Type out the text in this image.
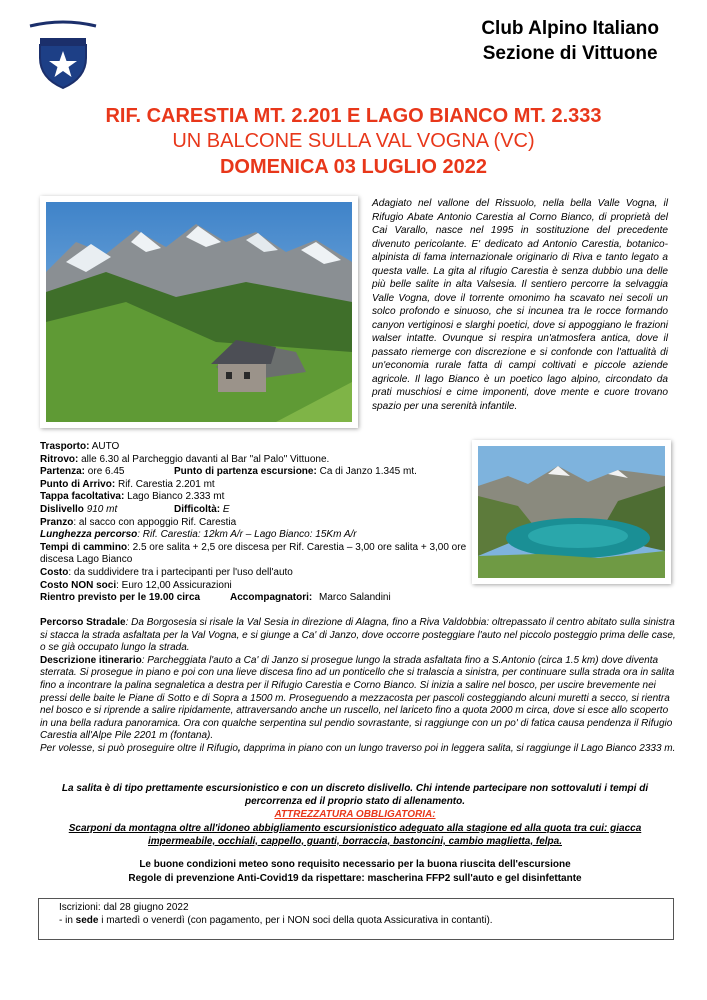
Club Alpino Italiano
Sezione di Vittuone
RIF. CARESTIA MT. 2.201 E LAGO BIANCO MT. 2.333
UN BALCONE SULLA VAL VOGNA (VC)
DOMENICA 03 LUGLIO 2022
Adagiato nel vallone del Rissuolo, nella bella Valle Vogna, il Rifugio Abate Antonio Carestia al Corno Bianco, di proprietà del Cai Varallo, nasce nel 1995 in sostituzione del precedente divenuto pericolante. E' dedicato ad Antonio Carestia, botanico-alpinista di fama internazionale originario di Riva e tanto legato a questa valle. La gita al rifugio Carestia è senza dubbio una delle più belle salite in alta Valsesia. Il sentiero percorre la selvaggia Valle Vogna, dove il torrente omonimo ha scavato nei secoli un solco profondo e sinuoso, che si incunea tra le rocce formando canyon vertiginosi e slarghi poetici, dove si appoggiano le frazioni walser intatte. Ovunque si respira un'atmosfera antica, dove il passato riemerge con discrezione e si confonde con l'attualità di un'economia rurale fatta di campi coltivati e piccole aziende agricole. Il lago Bianco è un poetico lago alpino, circondato da prati muschiosi e cime imponenti, dove mente e cuore trovano spazio per una serenità infantile.
Trasporto: AUTO
Ritrovo: alle 6.30 al Parcheggio davanti al Bar "al Palo" Vittuone.
Partenza: ore 6.45	Punto di partenza escursione: Ca di Janzo 1.345 mt.
Punto di Arrivo: Rif. Carestia 2.201 mt
Tappa facoltativa: Lago Bianco 2.333 mt
Dislivello 910 mt	Difficoltà: E
Pranzo: al sacco con appoggio Rif. Carestia
Lunghezza percorso: Rif. Carestia: 12km A/r – Lago Bianco: 15Km A/r
Tempi di cammino: 2.5 ore salita + 2,5 ore discesa per Rif. Carestia – 3,00 ore salita + 3,00 ore discesa Lago Bianco
Costo: da suddividere tra i partecipanti per l'uso dell'auto
Costo NON soci: Euro 12,00 Assicurazioni
Rientro previsto per le 19.00 circa	Accompagnatori: Marco Salandini

Percorso Stradale: Da Borgosesia si risale la Val Sesia in direzione di Alagna, fino a Riva Valdobbia: oltrepassato il centro abitato sulla sinistra si stacca la strada asfaltata per la Val Vogna, e si giunge a Ca' di Janzo, dove occorre posteggiare l'auto nel piccolo posteggio prima delle case, o se già occupato lungo la strada.

Descrizione itinerario: Parcheggiata l'auto a Ca' di Janzo si prosegue lungo la strada asfaltata fino a S.Antonio (circa 1.5 km) dove diventa sterrata. Si prosegue in piano e poi con una lieve discesa fino ad un ponticello che si tralascia a sinistra, per continuare sulla strada ora in salita fino a incontrare la palina segnaletica a destra per il Rifugio Carestia e Corno Bianco. Si inizia a salire nel bosco, per uscire brevemente nei pressi delle baite le Piane di Sotto e di Sopra a 1500 m. Proseguendo a mezzacosta per pascoli costeggiando alcuni muretti a secco, si rientra nel bosco e si riprende a salire ripidamente, attraversando anche un ruscello, nel lariceto fino a quota 2000 m circa, dove si esce allo scoperto in una bella radura panoramica. Ora con qualche serpentina sul pendio sovrastante, si raggiunge con un po' di fatica causa pendenza il Rifugio Carestia all'Alpe Pile 2201 m (fontana).

Per volesse, si può proseguire oltre il Rifugio, dapprima in piano con un lungo traverso poi in leggera salita, si raggiunge il Lago Bianco 2333 m.

La salita è di tipo prettamente escursionistico e con un discreto dislivello. Chi intende partecipare non sottovaluti i tempi di percorrenza ed il proprio stato di allenamento.
ATTREZZATURA OBBLIGATORIA:
Scarponi da montagna oltre all'idoneo abbigliamento escursionistico adeguato alla stagione ed alla quota tra cui: giacca impermeabile, occhiali, cappello, guanti, borraccia, bastoncini, cambio maglietta, felpa.
Le buone condizioni meteo sono requisito necessario per la buona riuscita dell'escursione
Regole di prevenzione Anti-Covid19 da rispettare: mascherina FFP2 sull'auto e gel disinfettante
Iscrizioni: dal 28 giugno 2022
- in sede i martedì o venerdì (con pagamento, per i NON soci della quota Assicurativa in contanti).
